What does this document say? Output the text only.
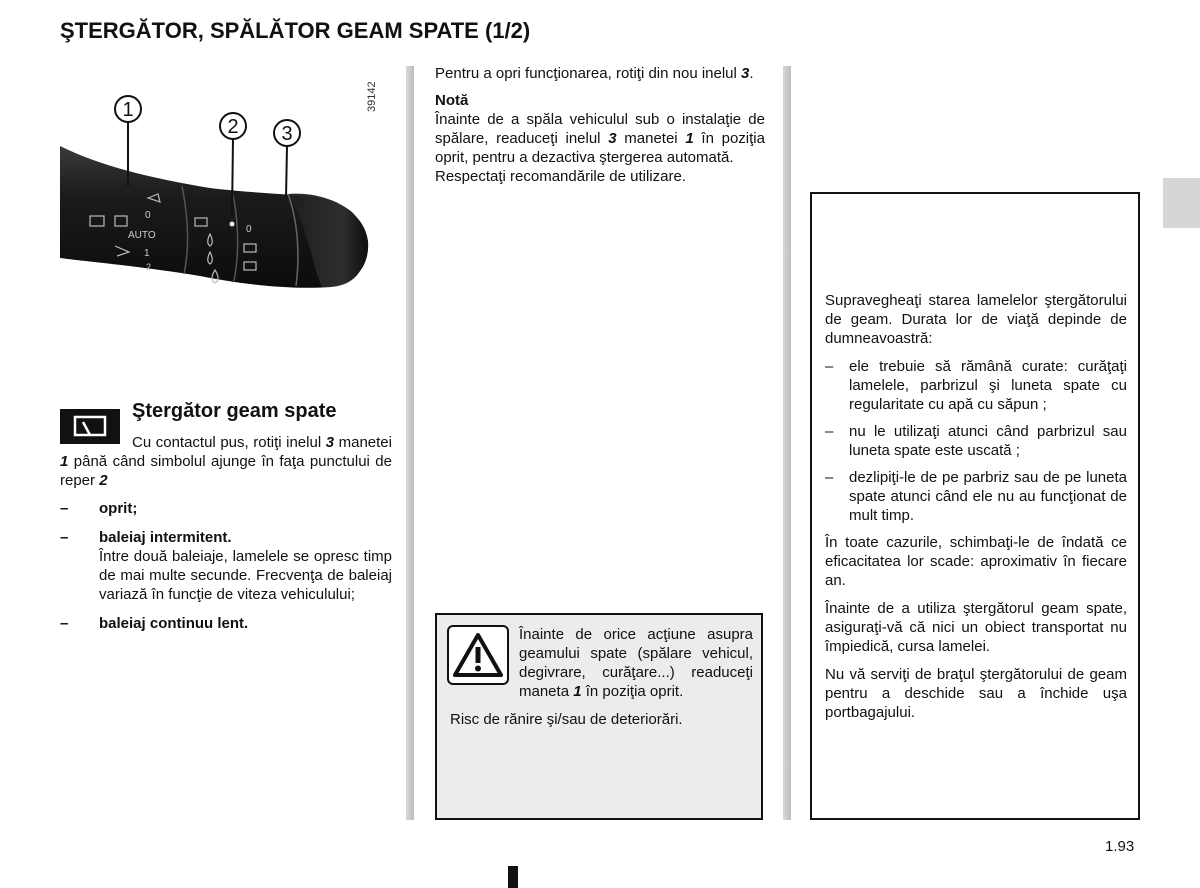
ŞTERGĂTOR, SPĂLĂTOR GEAM SPATE (1/2)
AUTO
0
1
2
0
1
2 3
39142
Ştergător geam spate

Cu contactul pus, rotiţi inelul 3 manetei 1 până când simbolul ajunge în faţa punctului de reper 2

–	oprit;
–	baleiaj intermitent.
Între două baleiaje, lamelele se opresc timp de mai multe secunde. Frecvenţa de baleiaj variază în funcţie de viteza vehiculului;
–	baleiaj continuu lent.

Pentru a opri funcţionarea, rotiţi din nou inelul 3.

Notă

Înainte de a spăla vehiculul sub o instalaţie de spălare, readuceţi inelul 3 manetei 1 în poziţia oprit, pentru a dezactiva ştergerea automată.

Respectaţi recomandările de utilizare.

Înainte de orice acţiune asupra geamului spate (spălare vehicul, degivrare, curăţare...) readuceţi maneta 1 în poziţia oprit.

Risc de rănire şi/sau de deteriorări.

Supravegheaţi starea lamelelor ştergătorului de geam. Durata lor de viaţă depinde de dumneavoastră:

–	ele trebuie să rămână curate: curăţaţi lamelele, parbrizul şi luneta spate cu regularitate cu apă cu săpun ;
–	nu le utilizaţi atunci când parbrizul sau luneta spate este uscată ;
–	dezlipiţi-le de pe parbriz sau de pe luneta spate atunci când ele nu au funcţionat de mult timp.

În toate cazurile, schimbaţi-le de îndată ce eficacitatea lor scade: aproximativ în fiecare an.

Înainte de a utiliza ştergătorul geam spate, asiguraţi-vă că nici un obiect transportat nu împiedică, cursa lamelei.

Nu vă serviţi de braţul ştergătorului de geam pentru a deschide sau a închide uşa portbagajului.

1.93
